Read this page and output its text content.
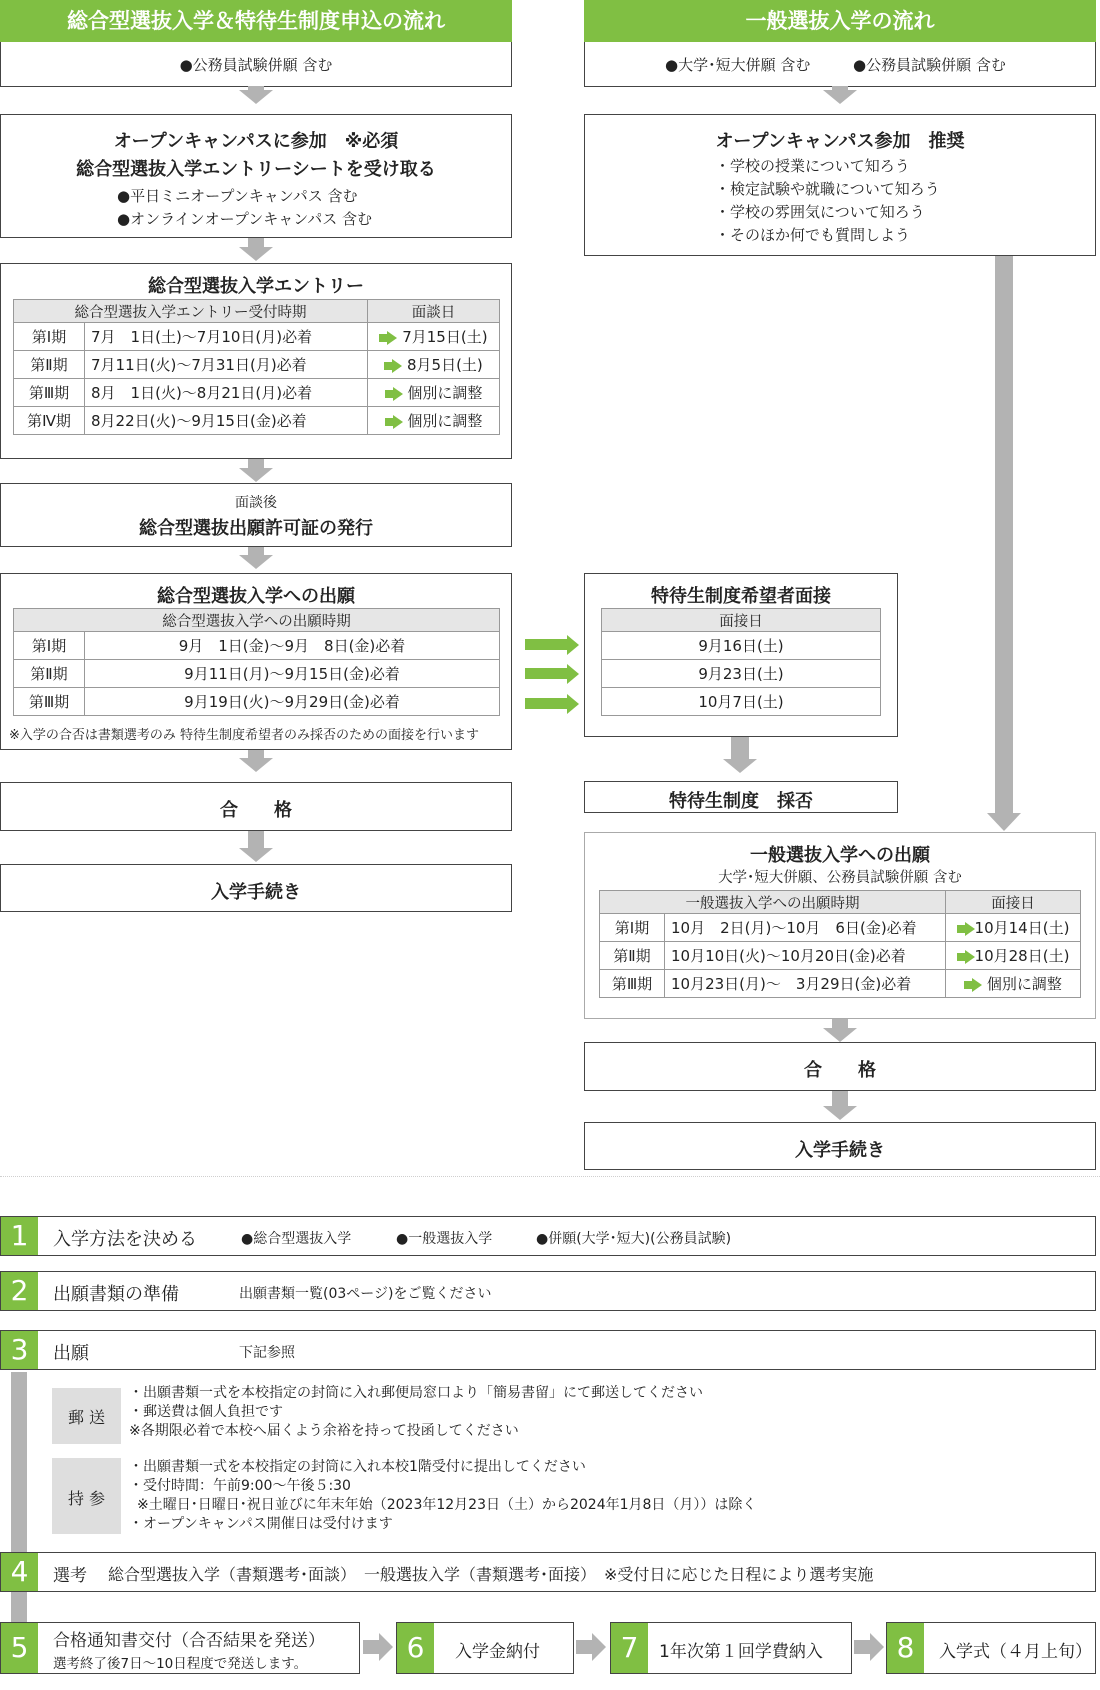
総合型選抜入学＆特待生制度申込の流れ
●公務員試験併願 含む
オープンキャンパスに参加　※必須
総合型選抜入学エントリーシートを受け取る
●平日ミニオープンキャンパス 含む
●オンラインオープンキャンパス 含む
総合型選抜入学エントリー
総合型選抜入学エントリー受付時期		面談日
第Ⅰ期	7月　1日(土)～7月10日(月)必着	7月15日(土)
第Ⅱ期	7月11日(火)～7月31日(月)必着	8月5日(土)
第Ⅲ期	8月　1日(火)～8月21日(月)必着	個別に調整
第Ⅳ期	8月22日(火)～9月15日(金)必着	個別に調整
面談後
総合型選抜出願許可証の発行
総合型選抜入学への出願
総合型選抜入学への出願時期	
第Ⅰ期	9月　1日(金)～9月　8日(金)必着
第Ⅱ期	9月11日(月)～9月15日(金)必着
第Ⅲ期	9月19日(火)～9月29日(金)必着
※入学の合否は書類選考のみ 特待生制度希望者のみ採否のための面接を行います
合　　格
入学手続き
特待生制度希望者面接
面接日
9月16日(土)
9月23日(土)
10月7日(土)
特待生制度　採否
一般選抜入学の流れ
●大学･短大併願 含む	●公務員試験併願 含む
オープンキャンパス参加　推奨
・学校の授業について知ろう
・検定試験や就職について知ろう
・学校の雰囲気について知ろう
・そのほか何でも質問しよう
一般選抜入学への出願
大学･短大併願、公務員試験併願 含む
一般選抜入学への出願時期		面接日
第Ⅰ期	10月　2日(月)～10月　6日(金)必着	10月14日(土)
第Ⅱ期	10月10日(火)～10月20日(金)必着	10月28日(土)
第Ⅲ期	10月23日(月)～　3月29日(金)必着	個別に調整
合　　格
入学手続き
1	入学方法を決める	●総合型選抜入学	●一般選抜入学	●併願(大学･短大)(公務員試験)
2	出願書類の準備	出願書類一覧(03ページ)をご覧ください
3	出願	下記参照
郵 送
・出願書類一式を本校指定の封筒に入れ郵便局窓口より「簡易書留」にて郵送してください
・郵送費は個人負担です
※各期限必着で本校へ届くよう余裕を持って投函してください
持 参
・出願書類一式を本校指定の封筒に入れ本校1階受付に提出してください
・受付時間：午前9:00～午後５:30
※土曜日･日曜日･祝日並びに年末年始（2023年12月23日（土）から2024年1月8日（月））は除く
・オープンキャンパス開催日は受付けます
4	選考 総合型選抜入学（書類選考･面談）　一般選抜入学（書類選考･面接）　※受付日に応じた日程により選考実施
5	合格通知書交付（合否結果を発送）
選考終了後7日～10日程度で発送します。	6	入学金納付	7	1年次第１回学費納入	8	入学式（４月上旬）
